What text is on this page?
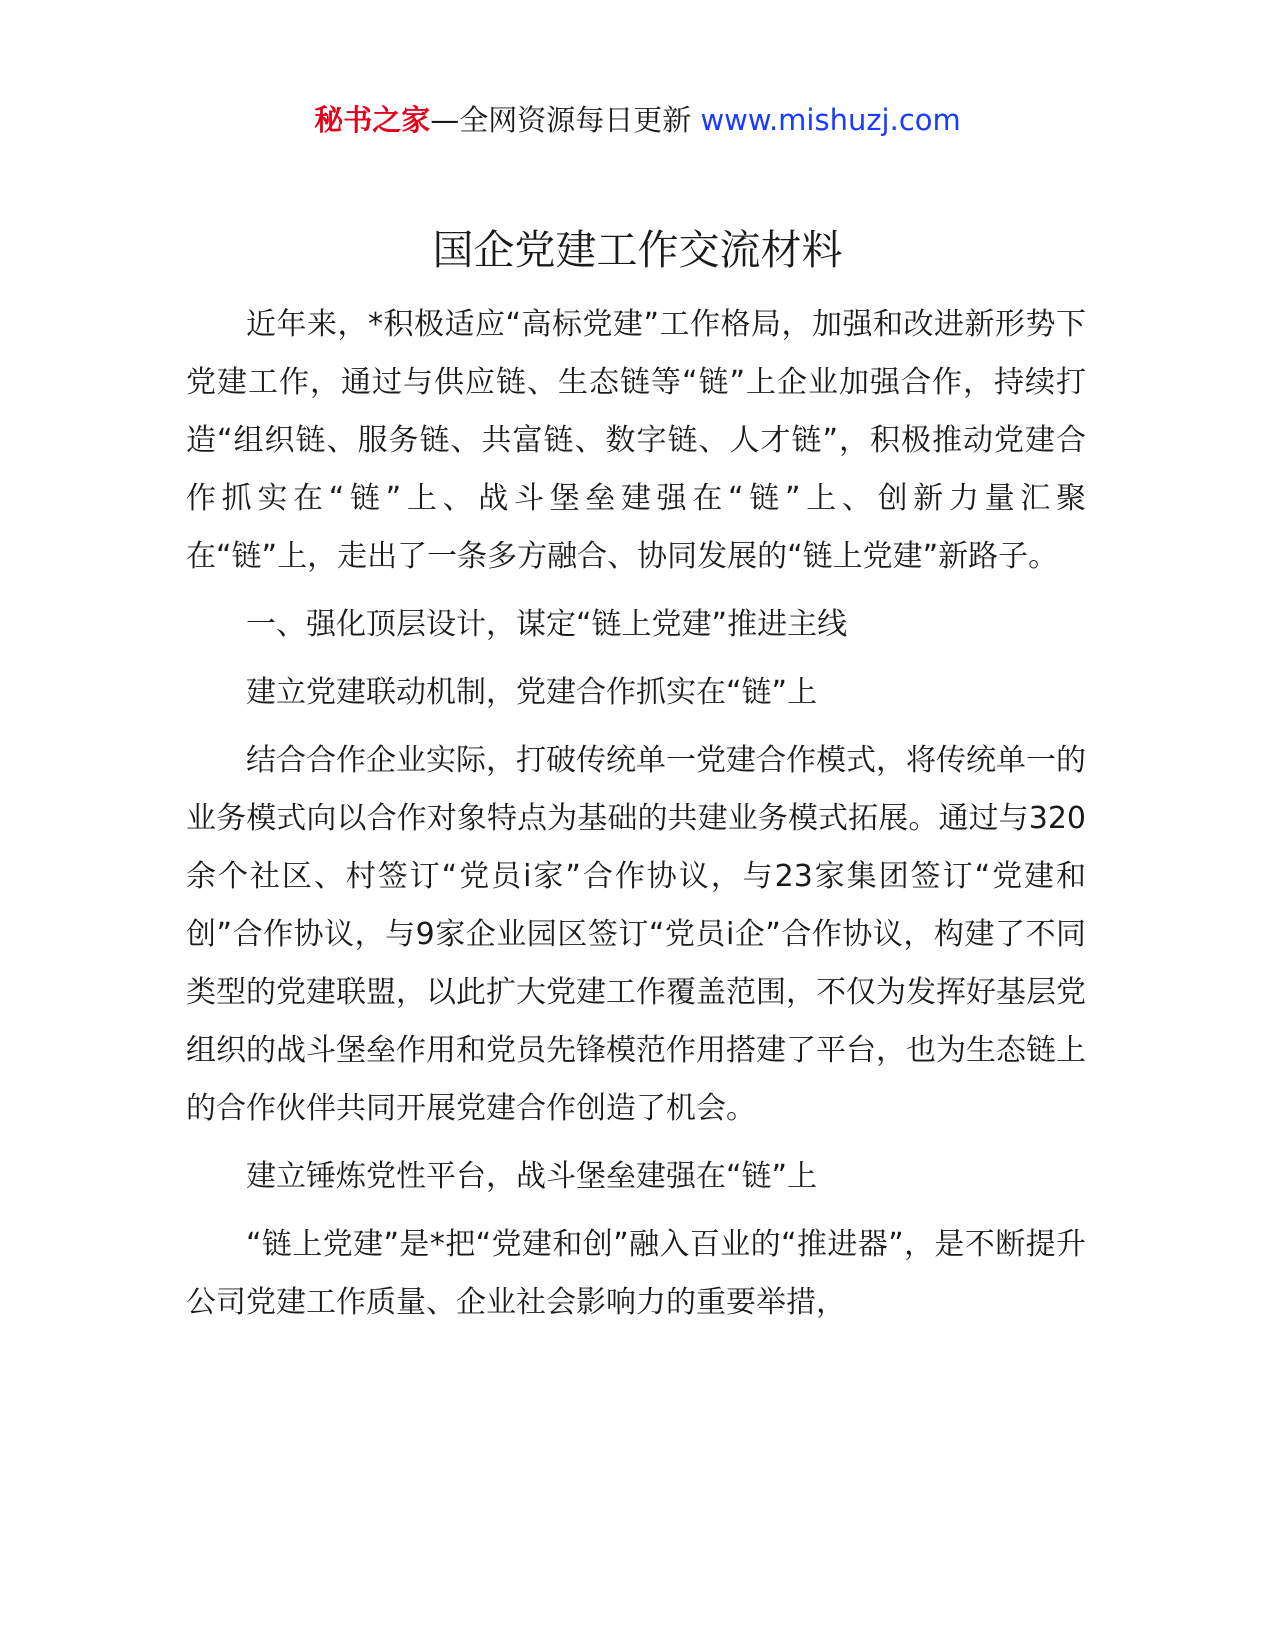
秘书之家—全网资源每日更新 www.mishuzj.com
国企党建工作交流材料

近年来，*积极适应“高标党建”工作格局，加强和改进新形势下党建工作，通过与供应链、生态链等“链”上企业加强合作，持续打造“组织链、服务链、共富链、数字链、人才链”，积极推动党建合作抓实在“链”上、战斗堡垒建强在“链”上、创新力量汇聚在“链”上，走出了一条多方融合、协同发展的“链上党建”新路子。

一、强化顶层设计，谋定“链上党建”推进主线

建立党建联动机制，党建合作抓实在“链”上

结合合作企业实际，打破传统单一党建合作模式，将传统单一的业务模式向以合作对象特点为基础的共建业务模式拓展。通过与320余个社区、村签订“党员i家”合作协议，与23家集团签订“党建和创”合作协议，与9家企业园区签订“党员i企”合作协议，构建了不同类型的党建联盟，以此扩大党建工作覆盖范围，不仅为发挥好基层党组织的战斗堡垒作用和党员先锋模范作用搭建了平台，也为生态链上的合作伙伴共同开展党建合作创造了机会。

建立锤炼党性平台，战斗堡垒建强在“链”上

“链上党建”是*把“党建和创”融入百业的“推进器”，是不断提升公司党建工作质量、企业社会影响力的重要举措，
